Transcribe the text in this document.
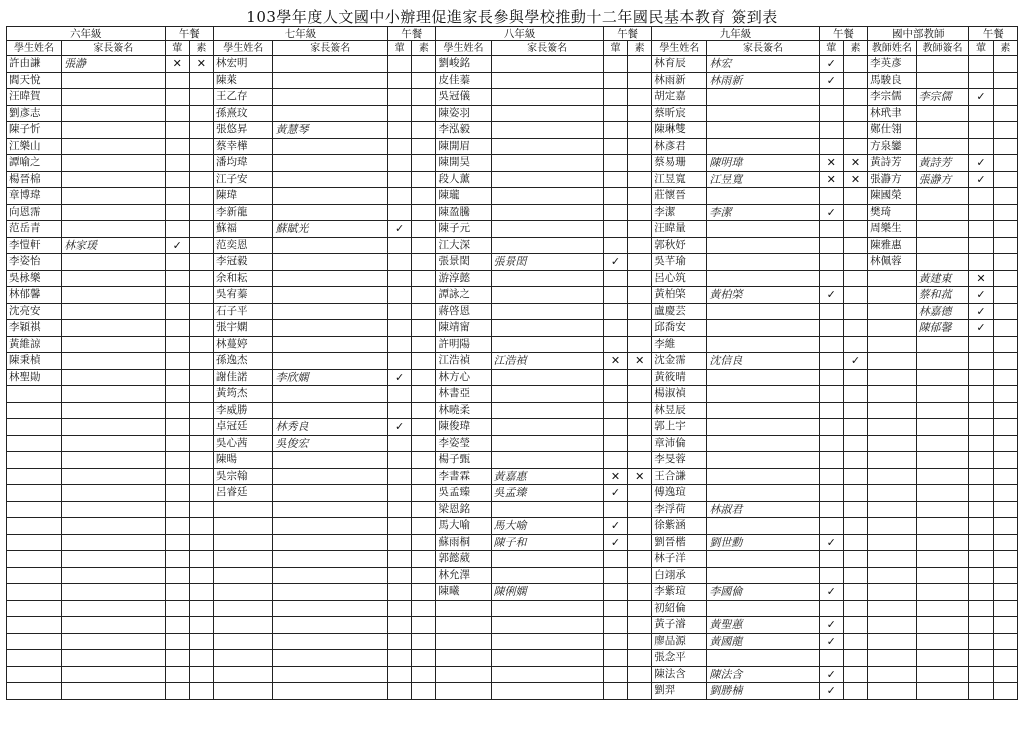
103學年度人文國中小辦理促進家長參與學校推動十二年國民基本教育 簽到表
六年級		午餐		七年級		午餐		八年級		午餐		九年級		午餐		國中部教師		午餐	
學生姓名	家長簽名	葷	素	學生姓名	家長簽名	葷	素	學生姓名	家長簽名	葷	素	學生姓名	家長簽名	葷	素	教師姓名	教師簽名	葷	素
許由謙	張瀞	✕	✕	林宏明				劉峻銘				林育辰	林宏	✓		李英彥			
閻天悅				陳萊				皮佳蓁				林雨新	林雨新	✓		馬駿良			
汪暐賀				王乙存				吳冠儀				胡定嘉				李宗儒	李宗儒	✓	
劉彥志				孫熹玟				陳姿羽				蔡昕宸				林玳聿			
陳子忻				張悠昇	黃慧琴			李泓毅				陳琳雙				鄭仕翎			
江樂山				蔡幸樺				陳開眉				林彥君				方泉鑾			
譚喻之				潘均瑋				陳開昊				蔡易珊	陳明瑋	✕	✕	黃詩芳	黃詩芳	✓	
楊晉棉				江子安				段人薰				江昱寬	江昱寬	✕	✕	張瀞方	張瀞方	✓	
章博瑋				陳瑋				陳瓏				莊懷晉				陳國榮			
向恩霈				李新龍				陳盈騰				李潔	李潔	✓		樊琦			
范岳青				蘇福	蘇賦光	✓		陳子元				汪暐量				周樂生			
李愷軒	林家瑗	✓		范奕恩				江大深				郭秋妤				陳雅惠			
李姿怡				李冠毅				張景閎	張景閎	✓		吳芊瑜				林佩蓉			
吳栐樂				余和耘				游淳懿				呂心筑					黃建東	✕	
林郁馨				吳宥蓁				譚詠之				黃柏棨	黃柏棨	✓			蔡和菰	✓	
沈亮安				石子平				蔣啓恩				盧慶芸					林嘉德	✓	
李穎祺				張宇嫻				陳靖甯				邱喬安					陳郁馨	✓	
黃維諒				林蔓婷				許明陽				李維							
陳秉楨				孫逸杰				江浩禎	江浩禎	✕	✕	沈金霈	沈信良		✓				
林聖勛				謝佳諾	李欣嫻	✓		林方心				黃筱晴							
				黃筠杰				林書亞				楊淑禎							
				李威勝				林曉柔				林昱辰							
				卓冠廷	林秀良	✓		陳俊瑋				郭上宇							
				吳心茜	吳俊宏			李姿瑩				章沛倫							
				陳暘				楊子甄				李旻蓉							
				吳宗翰				李書霖	黃嘉惠	✕	✕	王合謙							
				呂睿廷				吳孟臻	吳孟臻	✓		傅逸瑄							
								梁恩銘				李浮荷	林淑君						
								馬大喻	馬大喻	✓		徐紫涵							
								蘇雨桐	陳子和	✓		劉晉楷	劉世勳	✓					
								郭懿葳				林子洋							
								林允澤				白翊承							
								陳曦	陳俐嫻			李紫瑄	李國倫	✓					
												初紹倫							
												黃子濬	黃聖蕙	✓					
												廖品源	黃國龍	✓					
												張念平							
												陳法含	陳法含	✓					
												劉羿	劉勝楠	✓					
